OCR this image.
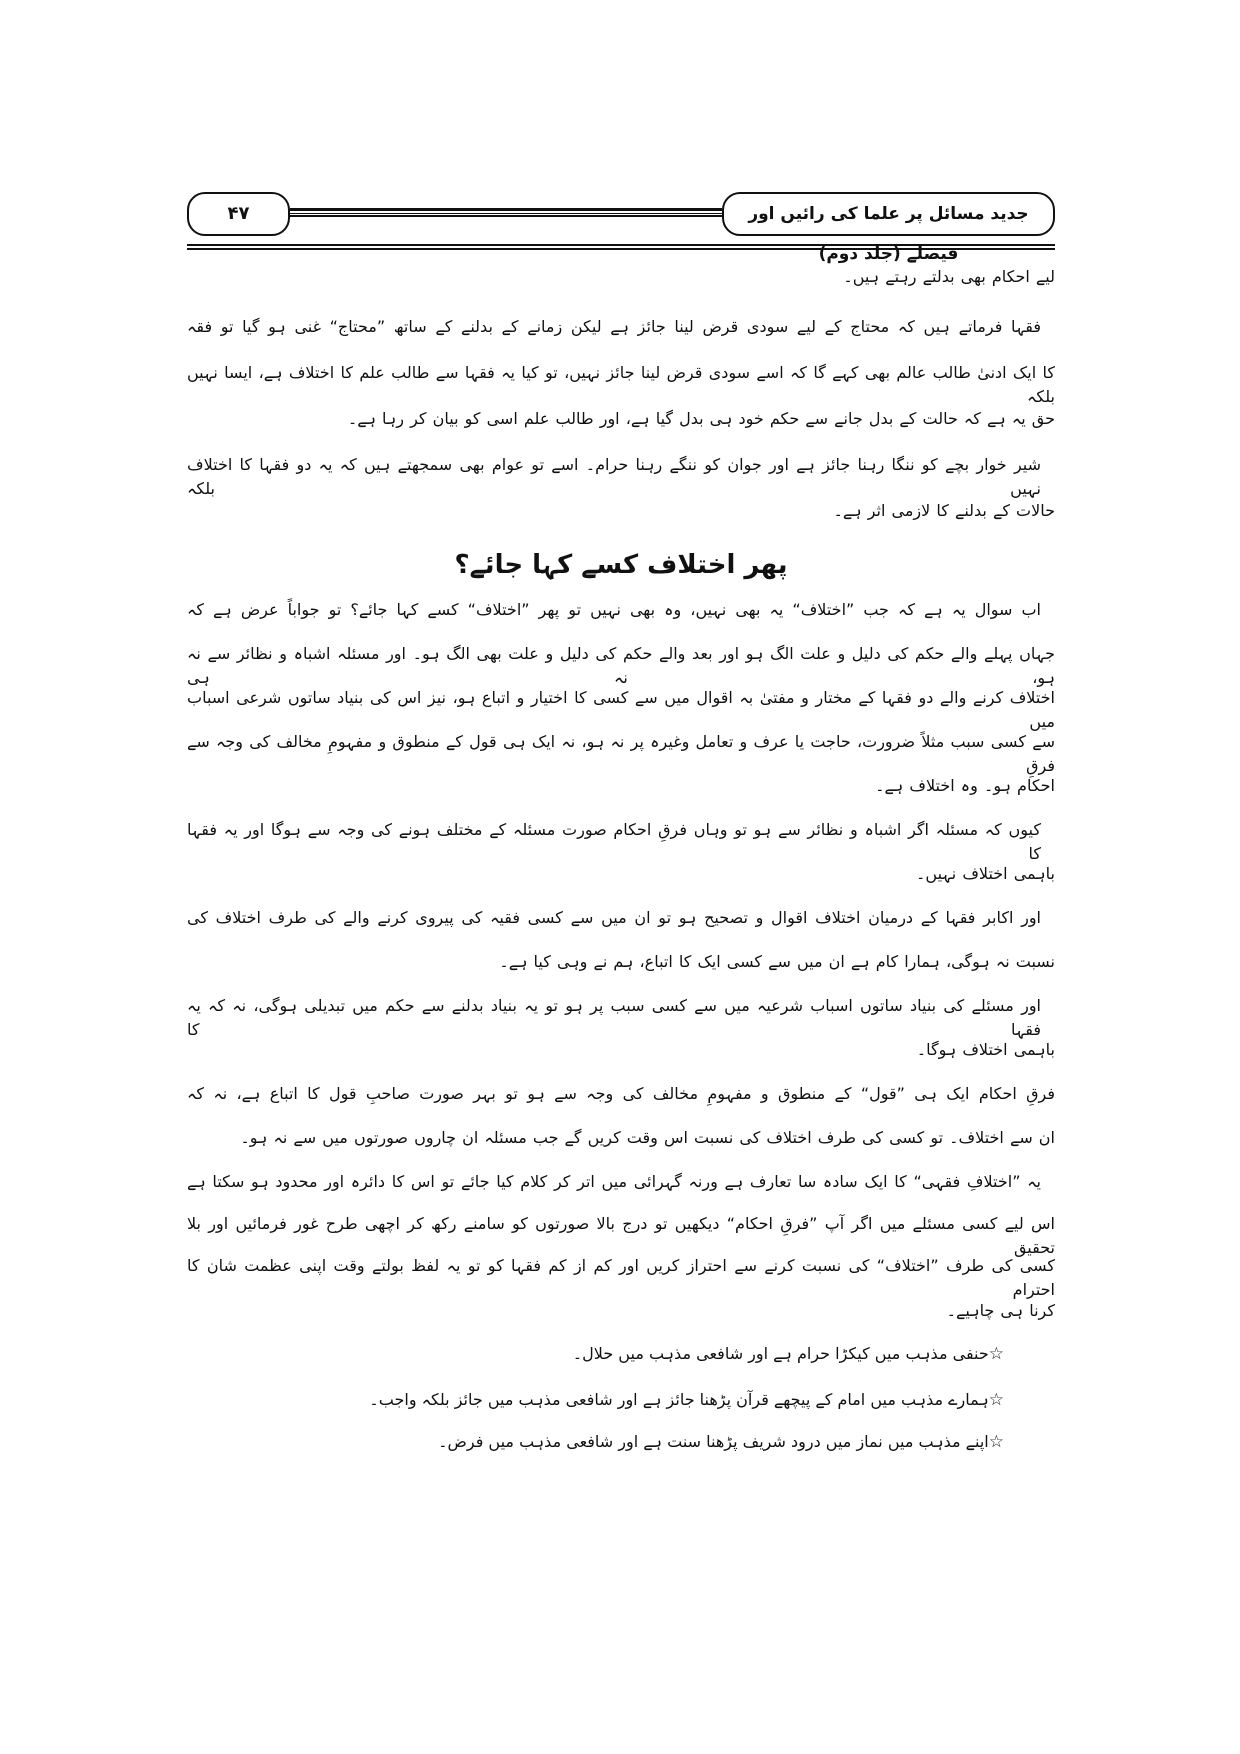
جدید مسائل پر علما کی رائیں اور فیصلے (جلد دوم)
۴۷
لیے احکام بھی بدلتے رہتے ہیں۔
فقہا فرماتے ہیں کہ محتاج کے لیے سودی قرض لینا جائز ہے لیکن زمانے کے بدلنے کے ساتھ ”محتاج“ غنی ہو گیا تو فقہ
کا ایک ادنیٰ طالب عالم بھی کہے گا کہ اسے سودی قرض لینا جائز نہیں، تو کیا یہ فقہا سے طالب علم کا اختلاف ہے، ایسا نہیں بلکہ
حق یہ ہے کہ حالت کے بدل جانے سے حکم خود ہی بدل گیا ہے، اور طالب علم اسی کو بیان کر رہا ہے۔
شیر خوار بچے کو ننگا رہنا جائز ہے اور جوان کو ننگے رہنا حرام۔ اسے تو عوام بھی سمجھتے ہیں کہ یہ دو فقہا کا اختلاف نہیں بلکہ
حالات کے بدلنے کا لازمی اثر ہے۔
پھر اختلاف کسے کہا جائے؟
اب سوال یہ ہے کہ جب ”اختلاف“ یہ بھی نہیں، وہ بھی نہیں تو پھر ”اختلاف“ کسے کہا جائے؟ تو جواباً عرض ہے کہ
جہاں پہلے والے حکم کی دلیل و علت الگ ہو اور بعد والے حکم کی دلیل و علت بھی الگ ہو۔ اور مسئلہ اشباہ و نظائر سے نہ ہو، نہ ہی
اختلاف کرنے والے دو فقہا کے مختار و مفتیٰ بہ اقوال میں سے کسی کا اختیار و اتباع ہو، نیز اس کی بنیاد ساتوں شرعی اسباب میں
سے کسی سبب مثلاً ضرورت، حاجت یا عرف و تعامل وغیرہ پر نہ ہو، نہ ایک ہی قول کے منطوق و مفہومِ مخالف کی وجہ سے فرقِ
احکام ہو۔ وہ اختلاف ہے۔
کیوں کہ مسئلہ اگر اشباہ و نظائر سے ہو تو وہاں فرقِ احکام صورت مسئلہ کے مختلف ہونے کی وجہ سے ہوگا اور یہ فقہا کا
باہمی اختلاف نہیں۔
اور اکابر فقہا کے درمیان اختلاف اقوال و تصحیح ہو تو ان میں سے کسی فقیہ کی پیروی کرنے والے کی طرف اختلاف کی
نسبت نہ ہوگی، ہمارا کام ہے ان میں سے کسی ایک کا اتباع، ہم نے وہی کیا ہے۔
اور مسئلے کی بنیاد ساتوں اسباب شرعیہ میں سے کسی سبب پر ہو تو یہ بنیاد بدلنے سے حکم میں تبدیلی ہوگی، نہ کہ یہ فقہا کا
باہمی اختلاف ہوگا۔
فرقِ احکام ایک ہی ”قول“ کے منطوق و مفہومِ مخالف کی وجہ سے ہو تو بہر صورت صاحبِ قول کا اتباع ہے، نہ کہ
ان سے اختلاف۔ تو کسی کی طرف اختلاف کی نسبت اس وقت کریں گے جب مسئلہ ان چاروں صورتوں میں سے نہ ہو۔
یہ ”اختلافِ فقہی“ کا ایک سادہ سا تعارف ہے ورنہ گہرائی میں اتر کر کلام کیا جائے تو اس کا دائرہ اور محدود ہو سکتا ہے
اس لیے کسی مسئلے میں اگر آپ ”فرقِ احکام“ دیکھیں تو درج بالا صورتوں کو سامنے رکھ کر اچھی طرح غور فرمائیں اور بلا تحقیق
کسی کی طرف ”اختلاف“ کی نسبت کرنے سے احتراز کریں اور کم از کم فقہا کو تو یہ لفظ بولتے وقت اپنی عظمت شان کا احترام
کرنا ہی چاہیے۔
☆حنفی مذہب میں کیکڑا حرام ہے اور شافعی مذہب میں حلال۔
☆ہمارے مذہب میں امام کے پیچھے قرآن پڑھنا جائز ہے اور شافعی مذہب میں جائز بلکہ واجب۔
☆اپنے مذہب میں نماز میں درود شریف پڑھنا سنت ہے اور شافعی مذہب میں فرض۔
